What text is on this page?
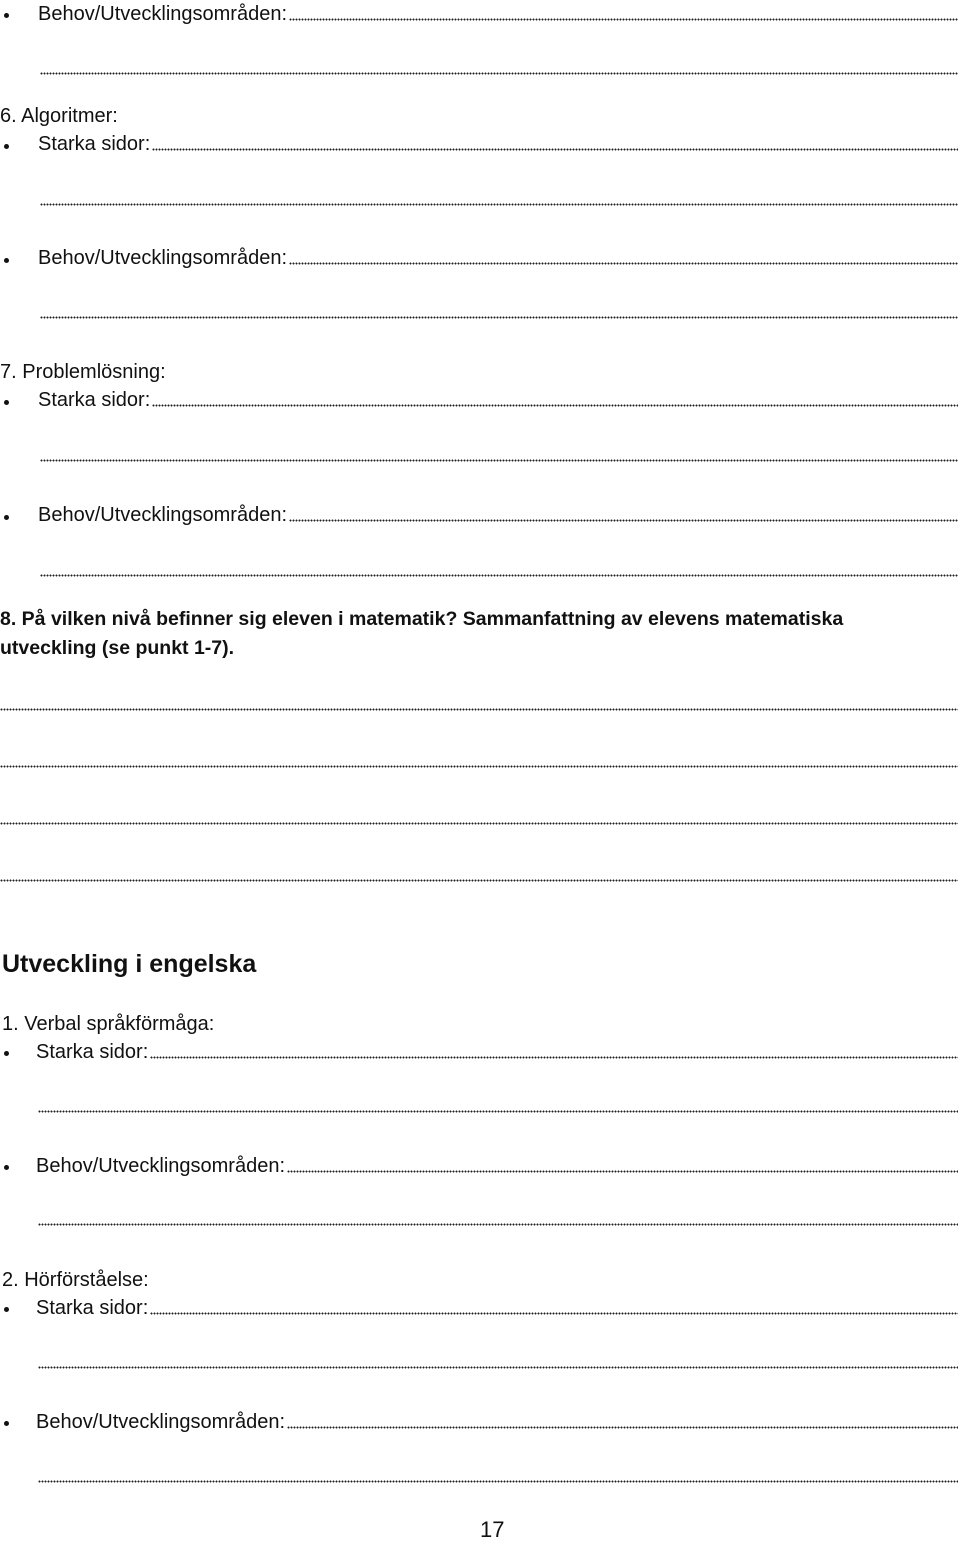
Behov/Utvecklingsområden:
6. Algoritmer:
Starka sidor:
Behov/Utvecklingsområden:
7. Problemlösning:
Starka sidor:
Behov/Utvecklingsområden:
8. På vilken nivå befinner sig eleven i matematik? Sammanfattning av elevens matematiska
utveckling (se punkt 1-7).
Utveckling i engelska
1. Verbal språkförmåga:
Starka sidor:
Behov/Utvecklingsområden:
2. Hörförståelse:
Starka sidor:
Behov/Utvecklingsområden:
17
